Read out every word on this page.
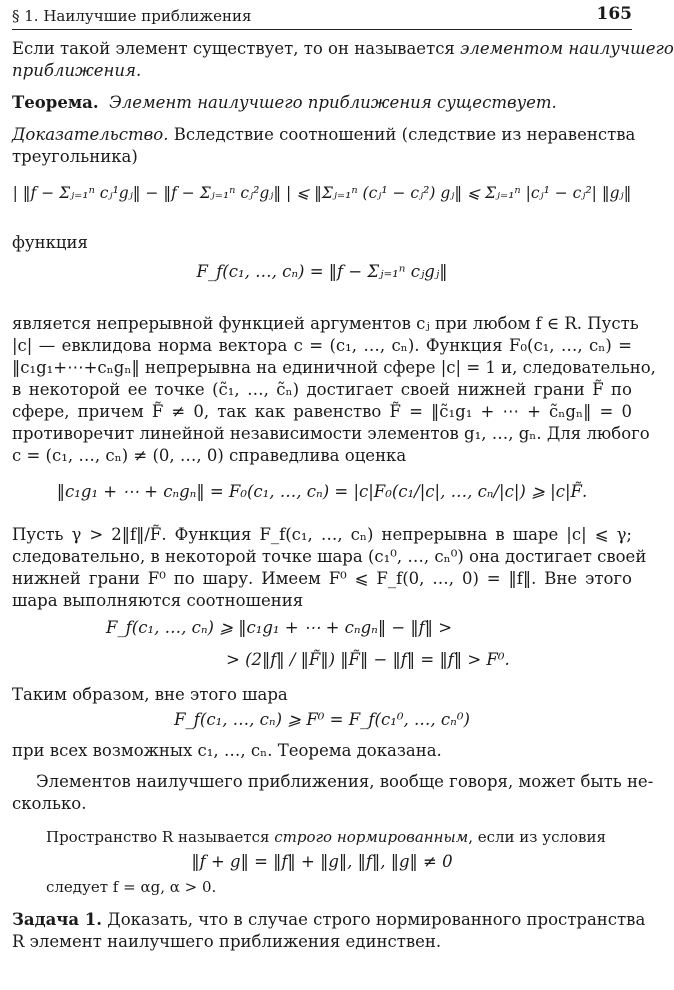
§ 1. Наилучшие приближения	165
Если такой элемент существует, то он называется элементом наилучшего
приближения.
Теорема. Элемент наилучшего приближения существует.
Доказательство. Вследствие соотношений (следствие из неравенства
треугольника)
| ‖f − Σⱼ₌₁ⁿ cⱼ¹gⱼ‖ − ‖f − Σⱼ₌₁ⁿ cⱼ²gⱼ‖ | ⩽ ‖Σⱼ₌₁ⁿ (cⱼ¹ − cⱼ²) gⱼ‖ ⩽ Σⱼ₌₁ⁿ |cⱼ¹ − cⱼ²| ‖gⱼ‖
функция
F_f(c₁, …, cₙ) = ‖f − Σⱼ₌₁ⁿ cⱼgⱼ‖
является непрерывной функцией аргументов cⱼ при любом f ∈ R. Пусть
|c| — евклидова норма вектора c = (c₁, …, cₙ). Функция F₀(c₁, …, cₙ) =
‖c₁g₁+⋯+cₙgₙ‖ непрерывна на единичной сфере |c| = 1 и, следовательно,
в некоторой ее точке (c̃₁, …, c̃ₙ) достигает своей нижней грани F̃ по
сфере, причем F̃ ≠ 0, так как равенство F̃ = ‖c̃₁g₁ + ⋯ + c̃ₙgₙ‖ = 0
противоречит линейной независимости элементов g₁, …, gₙ. Для любого
c = (c₁, …, cₙ) ≠ (0, …, 0) справедлива оценка
‖c₁g₁ + ⋯ + cₙgₙ‖ = F₀(c₁, …, cₙ) = |c|F₀(c₁/|c|, …, cₙ/|c|) ⩾ |c|F̃.
Пусть γ > 2‖f‖/F̃. Функция F_f(c₁, …, cₙ) непрерывна в шаре |c| ⩽ γ;
следовательно, в некоторой точке шара (c₁⁰, …, cₙ⁰) она достигает своей
нижней грани F⁰ по шару. Имеем F⁰ ⩽ F_f(0, …, 0) = ‖f‖. Вне этого
шара выполняются соотношения
F_f(c₁, …, cₙ) ⩾ ‖c₁g₁ + ⋯ + cₙgₙ‖ − ‖f‖ >
> (2‖f‖ / ‖F̃‖) ‖F̃‖ − ‖f‖ = ‖f‖ > F⁰.
Таким образом, вне этого шара
F_f(c₁, …, cₙ) ⩾ F⁰ = F_f(c₁⁰, …, cₙ⁰)
при всех возможных c₁, …, cₙ. Теорема доказана.
Элементов наилучшего приближения, вообще говоря, может быть не-
сколько.
Пространство R называется строго нормированным, если из условия
‖f + g‖ = ‖f‖ + ‖g‖, ‖f‖, ‖g‖ ≠ 0
следует f = αg, α > 0.
Задача 1. Доказать, что в случае строго нормированного пространства
R элемент наилучшего приближения единствен.
